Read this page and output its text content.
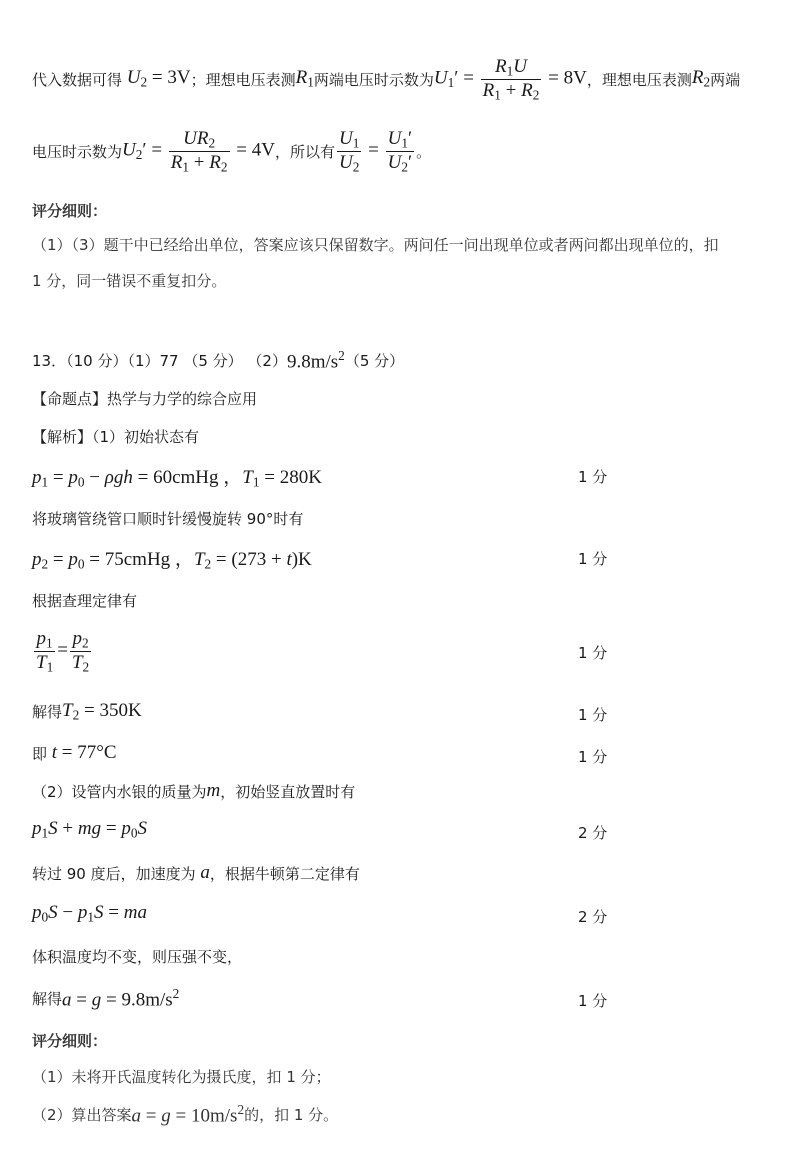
代入数据可得 $U_2 = 3V$ ；理想电压表测 $R_1$ 两端电压时示数为 $U_1' = \frac{R_1U}{R_1 + R_2} = 8V$ ，理想电压表测 $R_2$ 两端
电压时示数为 $U_2' = \frac{UR_2}{R_1 + R_2} = 4V$ ，所以有 $\frac{U_1}{U_2} = \frac{U_1'}{U_2'}$ 。
评分细则：
（1）（3）题干中已经给出单位，答案应该只保留数字。两问任一问出现单位或者两问都出现单位的，扣
1 分，同一错误不重复扣分。
13．（10 分）（1）77 （5 分） （2） $9.8m/s^2$ （5 分）
【命题点】热学与力学的综合应用
【解析】（1）初始状态有
$p_1 = p_0 - \rho gh$ = 60cmHg ，$T_1 = 280K$	1 分
将玻璃管绕管口顺时针缓慢旋转 90°时有
$p_2 = p_0$ = 75cmHg ，$T_2 = (273 + t)K$	1 分
根据查理定律有
$\frac{p_1}{T_1} = \frac{p_2}{T_2}$	1 分
解得 $T_2 = 350K$	1 分
即 t = 77°C	1 分
（2）设管内水银的质量为 m ，初始竖直放置时有
$p_1S$ + mg = $p_0S$	2 分
转过 90 度后，加速度为 a ，根据牛顿第二定律有
$p_0S - p_1S$ = ma	2 分
体积温度均不变，则压强不变，
解得 $a = g = 9.8m/s^2$	1 分
评分细则：
（1）未将开氏温度转化为摄氏度，扣 1 分；
（2）算出答案 $a = g = 10m/s^2$ 的，扣 1 分。
